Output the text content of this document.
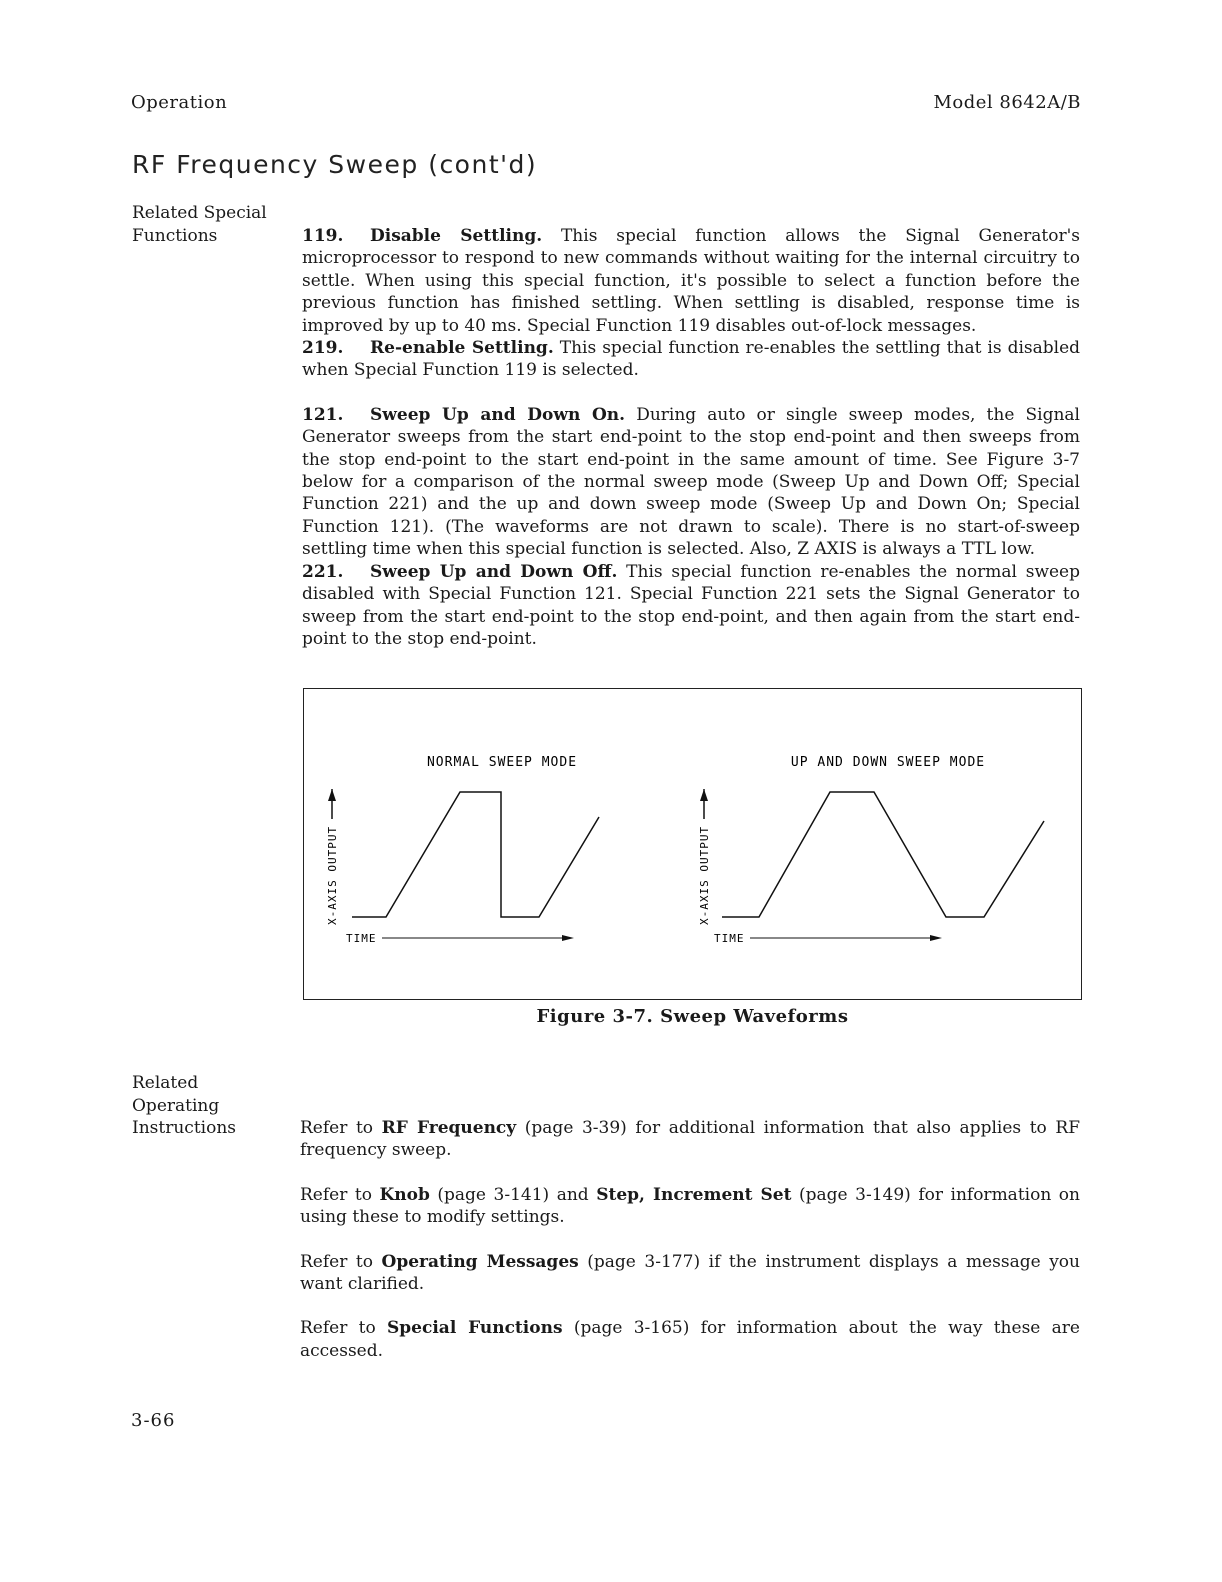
Operation	Model 8642A/B
RF Frequency Sweep (cont'd)
Related Special
Functions	119. Disable Settling. This special function allows the Signal Generator's microprocessor to respond to new commands without waiting for the internal circuitry to settle. When using this special function, it's possible to select a function before the previous function has finished settling. When settling is disabled, response time is improved by up to 40 ms. Special Function 119 disables out-of-lock messages.

219. Re-enable Settling. This special function re-enables the settling that is disabled when Special Function 119 is selected.

121. Sweep Up and Down On. During auto or single sweep modes, the Signal Generator sweeps from the start end-point to the stop end-point and then sweeps from the stop end-point to the start end-point in the same amount of time. See Figure 3-7 below for a comparison of the normal sweep mode (Sweep Up and Down Off; Special Function 221) and the up and down sweep mode (Sweep Up and Down On; Special Function 121). (The waveforms are not drawn to scale). There is no start-of-sweep settling time when this special function is selected. Also, Z AXIS is always a TTL low.

221. Sweep Up and Down Off. This special function re-enables the normal sweep disabled with Special Function 121. Special Function 221 sets the Signal Generator to sweep from the start end-point to the stop end-point, and then again from the start end-point to the stop end-point.

NORMAL SWEEP MODE	UP AND DOWN SWEEP MODE
X-AXIS OUTPUT
TIME
X-AXIS OUTPUT
TIME
Figure 3-7. Sweep Waveforms
Related
Operating
Instructions	Refer to RF Frequency (page 3-39) for additional information that also applies to RF frequency sweep.

Refer to Knob (page 3-141) and Step, Increment Set (page 3-149) for information on using these to modify settings.

Refer to Operating Messages (page 3-177) if the instrument displays a message you want clarified.

Refer to Special Functions (page 3-165) for information about the way these are accessed.

3-66
